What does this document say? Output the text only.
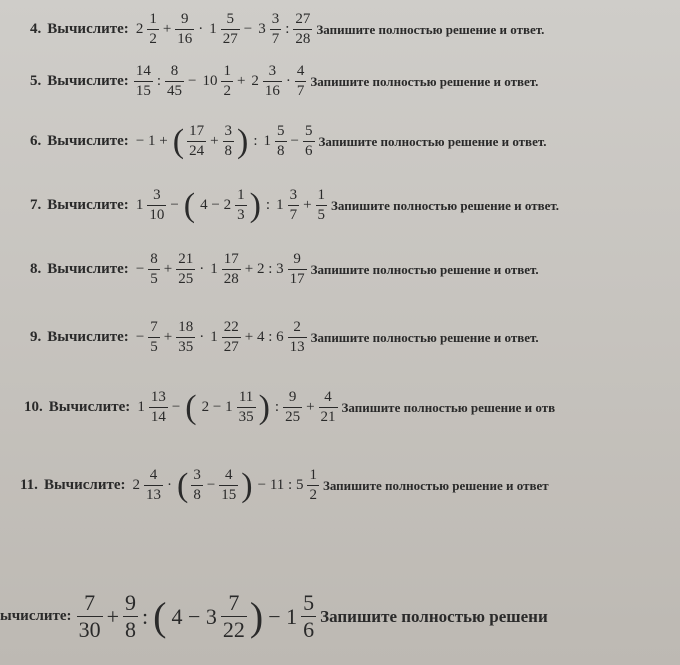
4. Вычислите: $2 \frac{1}{2} + \frac{9}{16} \cdot 1 \frac{5}{27} - 3 \frac{3}{7}$ : $\frac{27}{28}$ Запишите полностью решение и ответ.
5. Вычислите: $\frac{14}{15}$ : $\frac{8}{45} - 10 \frac{1}{2} + 2 \frac{3}{16} \cdot \frac{4}{7}$ Запишите полностью решение и ответ.
6. Вычислите: − 1 + ( $\frac{17}{24} + \frac{3}{8}$ ) : $1 \frac{5}{8} - \frac{5}{6}$ Запишите полностью решение и ответ.
7. Вычислите: $1 \frac{3}{10}$ − ( $4 - 2 \frac{1}{3}$ ) : $1 \frac{3}{7} + \frac{1}{5}$ Запишите полностью решение и ответ.
8. Вычислите: − $\frac{8}{5} + \frac{21}{25} \cdot 1 \frac{17}{28} + 2$ : $3 \frac{9}{17}$ Запишите полностью решение и ответ.
9. Вычислите: − $\frac{7}{5} + \frac{18}{35} \cdot 1 \frac{22}{27} + 4$ : $6 \frac{2}{13}$ Запишите полностью решение и ответ.
10. Вычислите: $1 \frac{13}{14}$ − ( $2 - 1 \frac{11}{35}$ ) : $\frac{9}{25} + \frac{4}{21}$ Запишите полностью решение и отв
11. Вычислите: $2 \frac{4}{13}$ · ( $\frac{3}{8} - \frac{4}{15}$ ) − 11 : $5 \frac{1}{2}$ Запишите полностью решение и ответ
ычислите: $\frac{7}{30} + \frac{9}{8}$ : ( $4 - 3 \frac{7}{22}$ ) − $1 \frac{5}{6}$ Запишите полностью решени
